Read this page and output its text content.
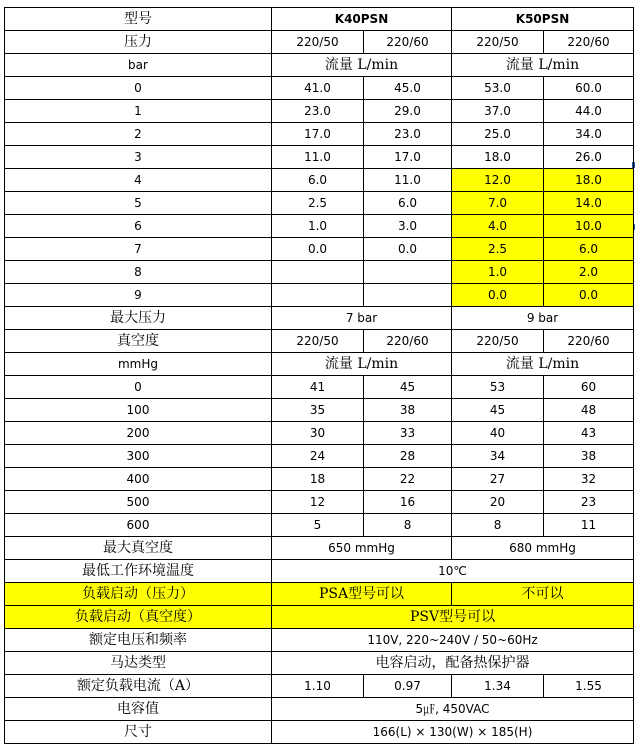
型号	K40PSN		K50PSN	
压力	220/50	220/60	220/50	220/60
bar	流量 L/min		流量 L/min	
0	41.0	45.0	53.0	60.0
1	23.0	29.0	37.0	44.0
2	17.0	23.0	25.0	34.0
3	11.0	17.0	18.0	26.0
4	6.0	11.0	12.0	18.0
5	2.5	6.0	7.0	14.0
6	1.0	3.0	4.0	10.0
7	0.0	0.0	2.5	6.0
8			1.0	2.0
9			0.0	0.0
最大压力	7 bar		9 bar	
真空度	220/50	220/60	220/50	220/60
mmHg	流量 L/min		流量 L/min	
0	41	45	53	60
100	35	38	45	48
200	30	33	40	43
300	24	28	34	38
400	18	22	27	32
500	12	16	20	23
600	5	8	8	11
最大真空度	650 mmHg		680 mmHg	
最低工作环境温度	10℃			
负载启动（压力）	PSA型号可以		不可以	
负载启动（真空度）	PSV型号可以			
额定电压和频率	110V, 220~240V / 50~60Hz			
马达类型	电容启动，配备热保护器			
额定负载电流（A）	1.10	0.97	1.34	1.55
电容值	5㎌, 450VAC			
尺寸	166(L) × 130(W) × 185(H)			
